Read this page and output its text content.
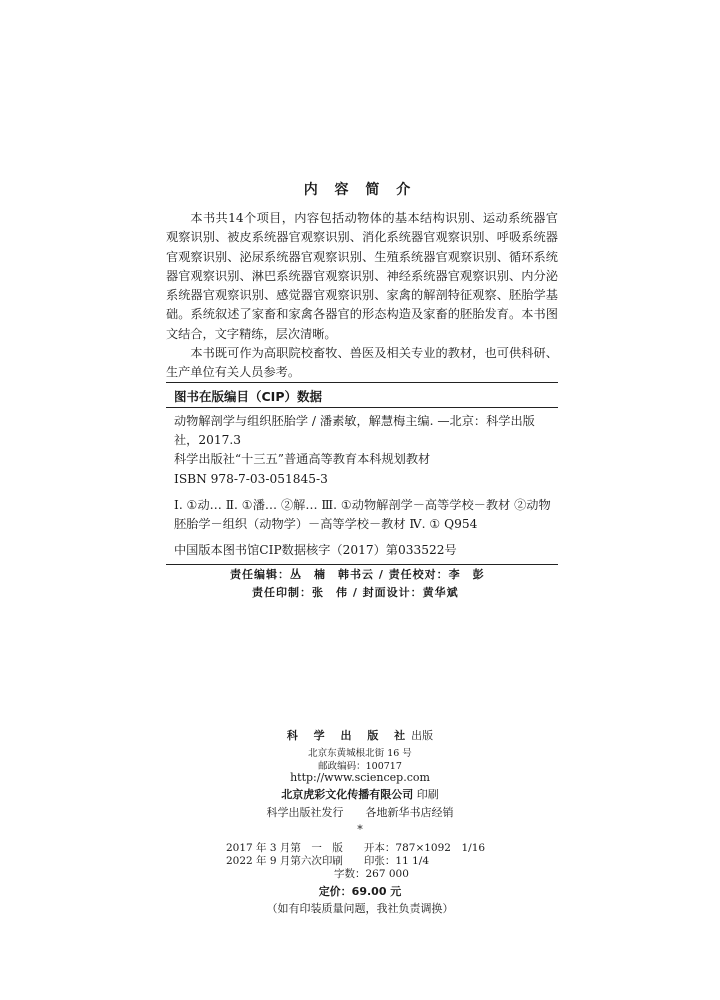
内 容 简 介

本书共14个项目，内容包括动物体的基本结构识别、运动系统器官观察识别、被皮系统器官观察识别、消化系统器官观察识别、呼吸系统器官观察识别、泌尿系统器官观察识别、生殖系统器官观察识别、循环系统器官观察识别、淋巴系统器官观察识别、神经系统器官观察识别、内分泌系统器官观察识别、感觉器官观察识别、家禽的解剖特征观察、胚胎学基础。系统叙述了家畜和家禽各器官的形态构造及家畜的胚胎发育。本书图文结合，文字精练，层次清晰。

本书既可作为高职院校畜牧、兽医及相关专业的教材，也可供科研、生产单位有关人员参考。

图书在版编目（CIP）数据
动物解剖学与组织胚胎学 / 潘素敏，解慧梅主编. —北京：科学出版社，2017.3
科学出版社“十三五”普通高等教育本科规划教材
ISBN 978-7-03-051845-3
Ⅰ. ①动… Ⅱ. ①潘… ②解… Ⅲ. ①动物解剖学－高等学校－教材 ②动物胚胎学－组织（动物学）－高等学校－教材 Ⅳ. ① Q954
中国版本图书馆CIP数据核字（2017）第033522号
责任编辑：丛　楠　韩书云 / 责任校对：李　彭
责任印制：张　伟 / 封面设计：黄华斌
科 学 出 版 社出版
北京东黄城根北街 16 号
邮政编码：100717
http://www.sciencep.com
北京虎彩文化传播有限公司 印刷
科学出版社发行　　各地新华书店经销
*
2017 年 3 月第　一　版　　开本：787×1092　1/16
2022 年 9 月第六次印刷　　印张：11 1/4
字数：267 000
定价：69.00 元
（如有印装质量问题，我社负责调换）
